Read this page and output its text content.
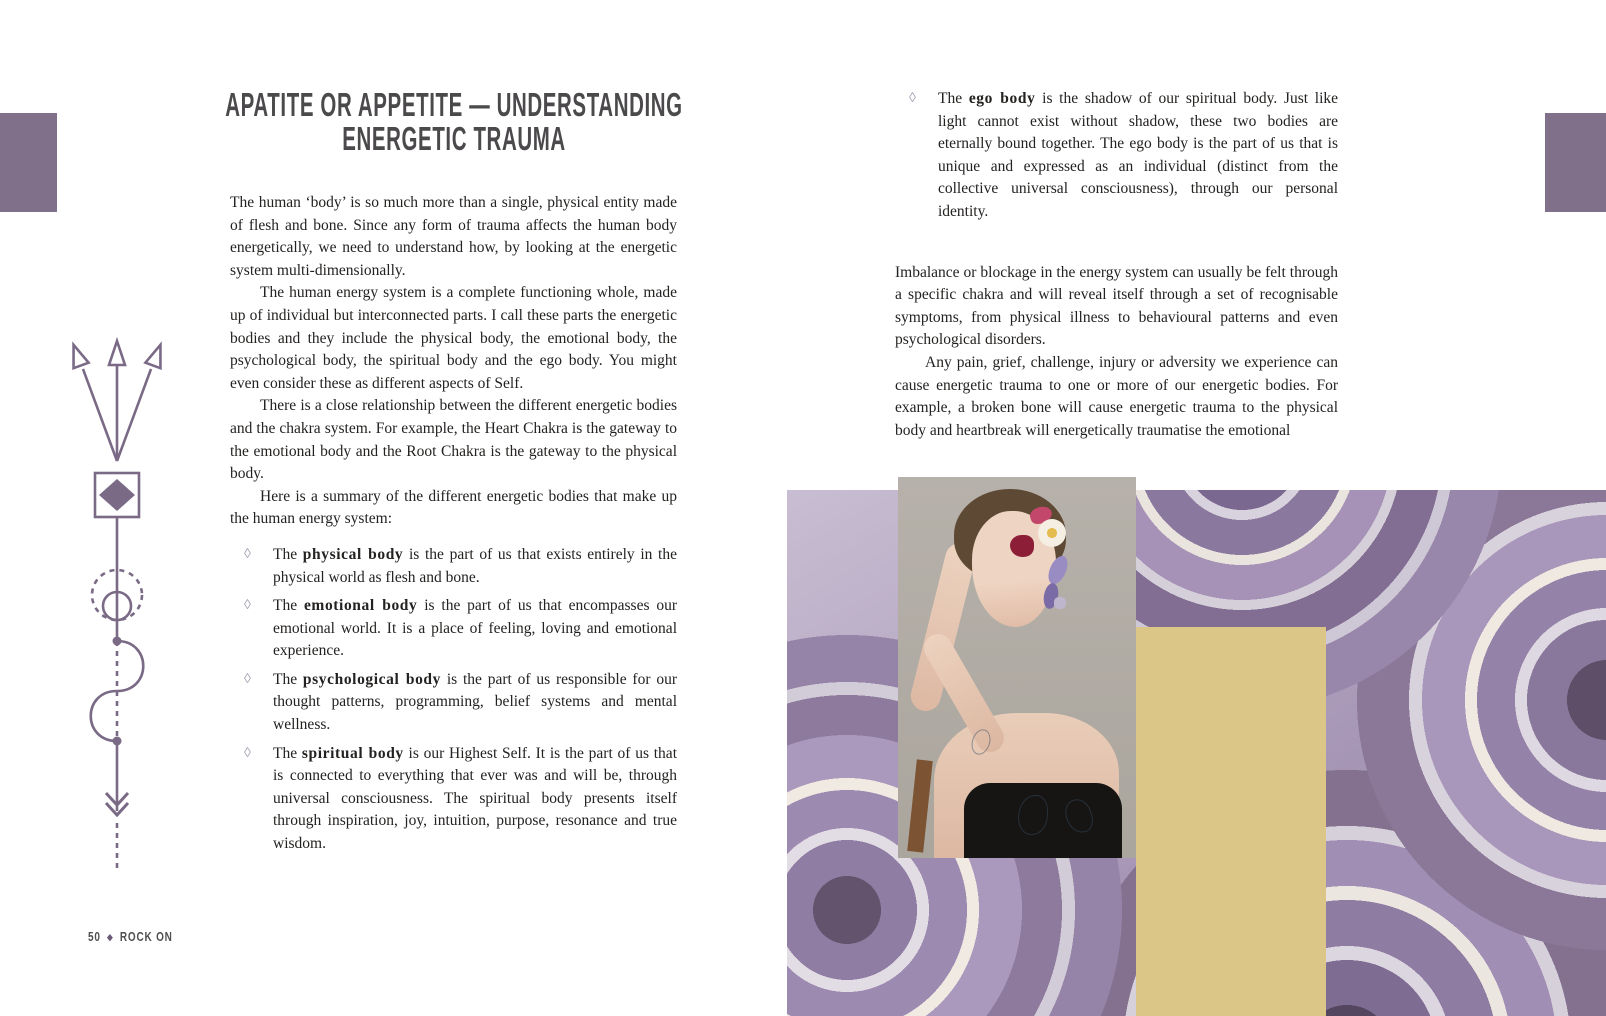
APATITE OR APPETITE — UNDERSTANDING
ENERGETIC TRAUMA

The human ‘body’ is so much more than a single, physical entity made of flesh and bone. Since any form of trauma affects the human body energetically, we need to understand how, by looking at the energetic system multi-dimensionally.

The human energy system is a complete functioning whole, made up of individual but interconnected parts. I call these parts the energetic bodies and they include the physical body, the emotional body, the psychological body, the spiritual body and the ego body. You might even consider these as different aspects of Self.

There is a close relationship between the different energetic bodies and the chakra system. For example, the Heart Chakra is the gateway to the emotional body and the Root Chakra is the gateway to the physical body.

Here is a summary of the different energetic bodies that make up the human energy system:

◊ The physical body is the part of us that exists entirely in the physical world as flesh and bone.
◊ The emotional body is the part of us that encompasses our emotional world. It is a place of feeling, loving and emotional experience.
◊ The psychological body is the part of us responsible for our thought patterns, programming, belief systems and mental wellness.
◊ The spiritual body is our Highest Self. It is the part of us that is connected to everything that ever was and will be, through universal consciousness. The spiritual body presents itself through inspiration, joy, intuition, purpose, resonance and true wisdom.
◊ The ego body is the shadow of our spiritual body. Just like light cannot exist without shadow, these two bodies are eternally bound together. The ego body is the part of us that is unique and expressed as an individual (distinct from the collective universal consciousness), through our personal identity.

Imbalance or blockage in the energy system can usually be felt through a specific chakra and will reveal itself through a set of recognisable symptoms, from physical illness to behavioural patterns and even psychological disorders.

Any pain, grief, challenge, injury or adversity we experience can cause energetic trauma to one or more of our energetic bodies. For example, a broken bone will cause energetic trauma to the physical body and heartbreak will energetically traumatise the emotional

50 ◆ ROCK ON
